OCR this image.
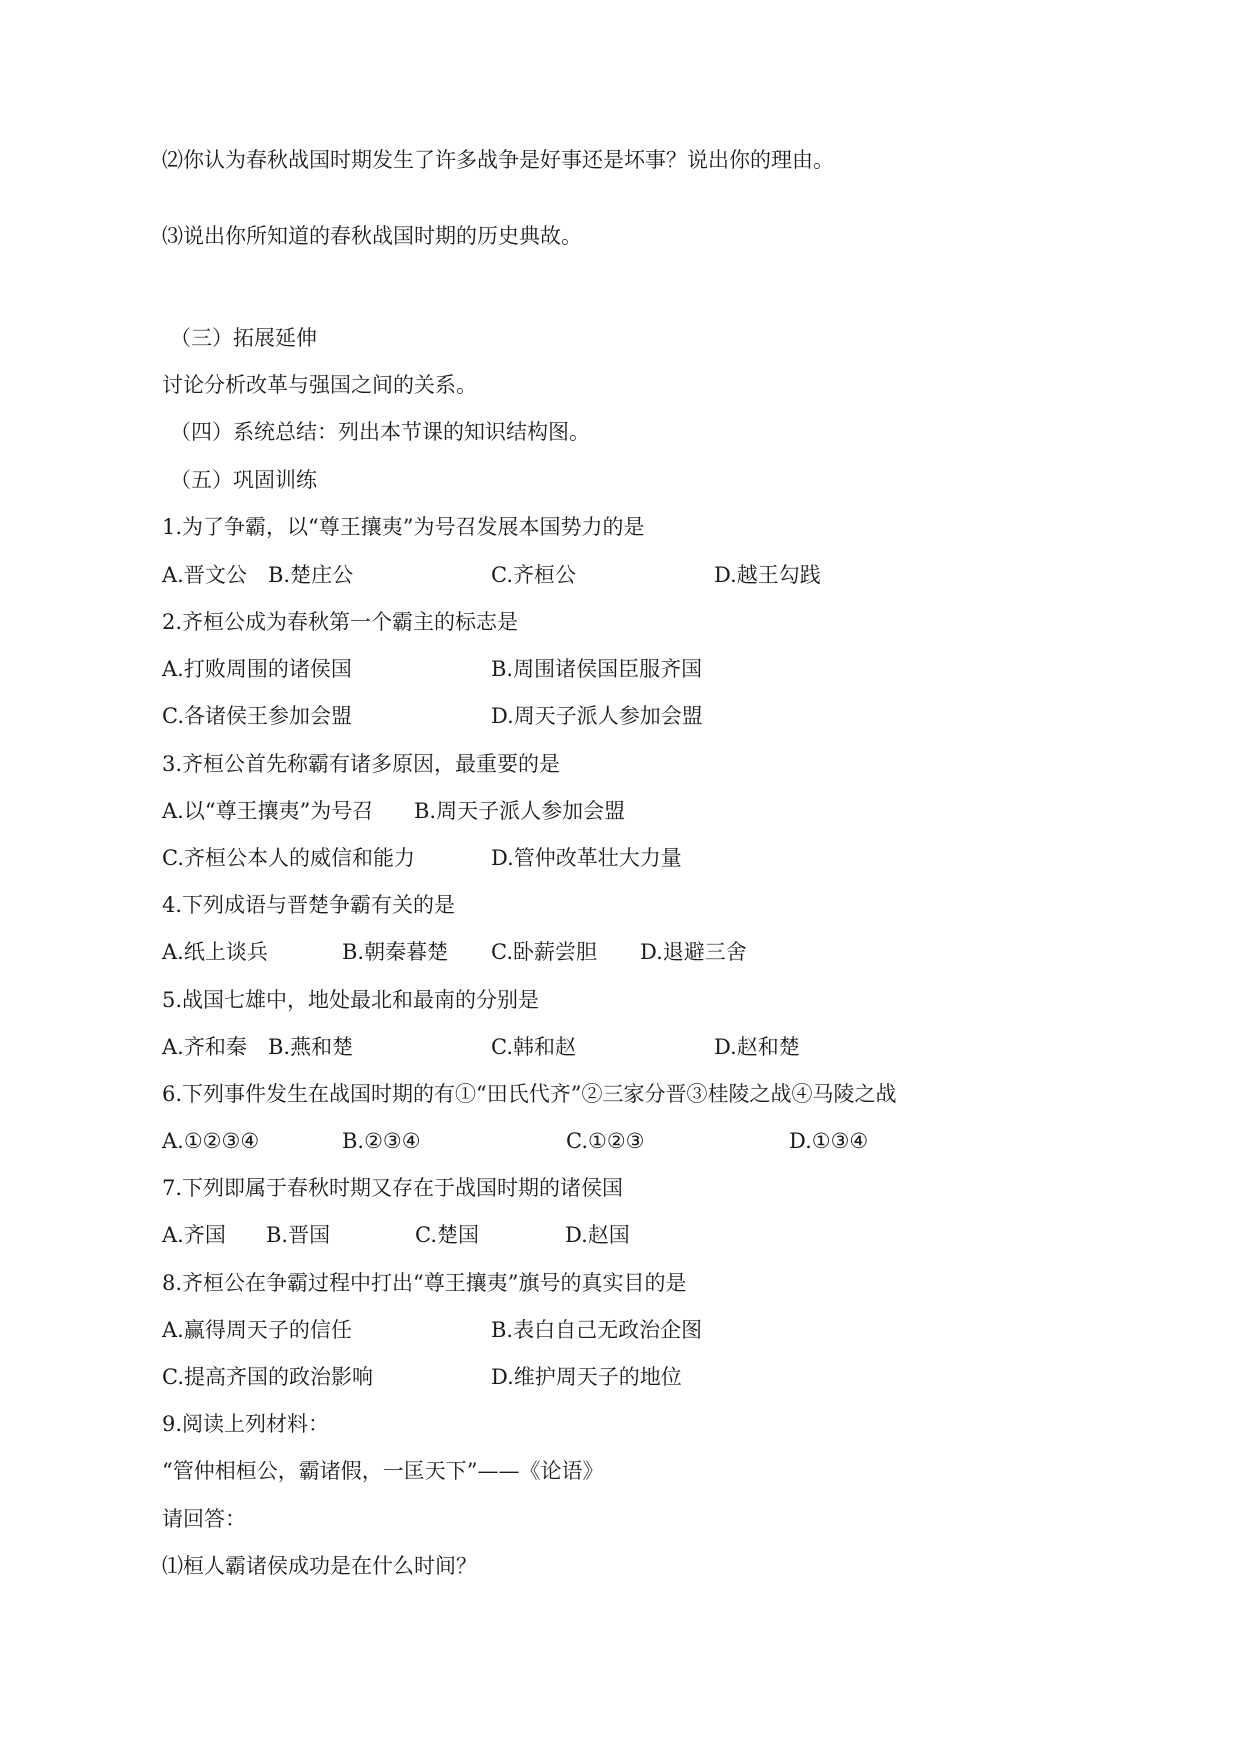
⑵你认为春秋战国时期发生了许多战争是好事还是坏事？说出你的理由。
⑶说出你所知道的春秋战国时期的历史典故。
（三）拓展延伸
讨论分析改革与强国之间的关系。
（四）系统总结：列出本节课的知识结构图。
（五）巩固训练
1.为了争霸，以“尊王攘夷”为号召发展本国势力的是
A.晋文公 B.楚庄公	C.齐桓公	D.越王勾践
2.齐桓公成为春秋第一个霸主的标志是
A.打败周围的诸侯国	B.周围诸侯国臣服齐国
C.各诸侯王参加会盟	D.周天子派人参加会盟
3.齐桓公首先称霸有诸多原因，最重要的是
A.以“尊王攘夷”为号召 B.周天子派人参加会盟
C.齐桓公本人的威信和能力	D.管仲改革壮大力量
4.下列成语与晋楚争霸有关的是
A.纸上谈兵	B.朝秦暮楚 C.卧薪尝胆 D.退避三舍
5.战国七雄中，地处最北和最南的分别是
A.齐和秦 B.燕和楚	C.韩和赵	D.赵和楚
6.下列事件发生在战国时期的有①“田氏代齐”②三家分晋③桂陵之战④马陵之战
A.①②③④	B.②③④	C.①②③	D.①③④
7.下列即属于春秋时期又存在于战国时期的诸侯国
A.齐国 B.晋国	C.楚国	D.赵国
8.齐桓公在争霸过程中打出“尊王攘夷”旗号的真实目的是
A.赢得周天子的信任	B.表白自己无政治企图
C.提高齐国的政治影响	D.维护周天子的地位
9.阅读上列材料：
“管仲相桓公，霸诸假，一匡天下”——《论语》
请回答：
⑴桓人霸诸侯成功是在什么时间？
